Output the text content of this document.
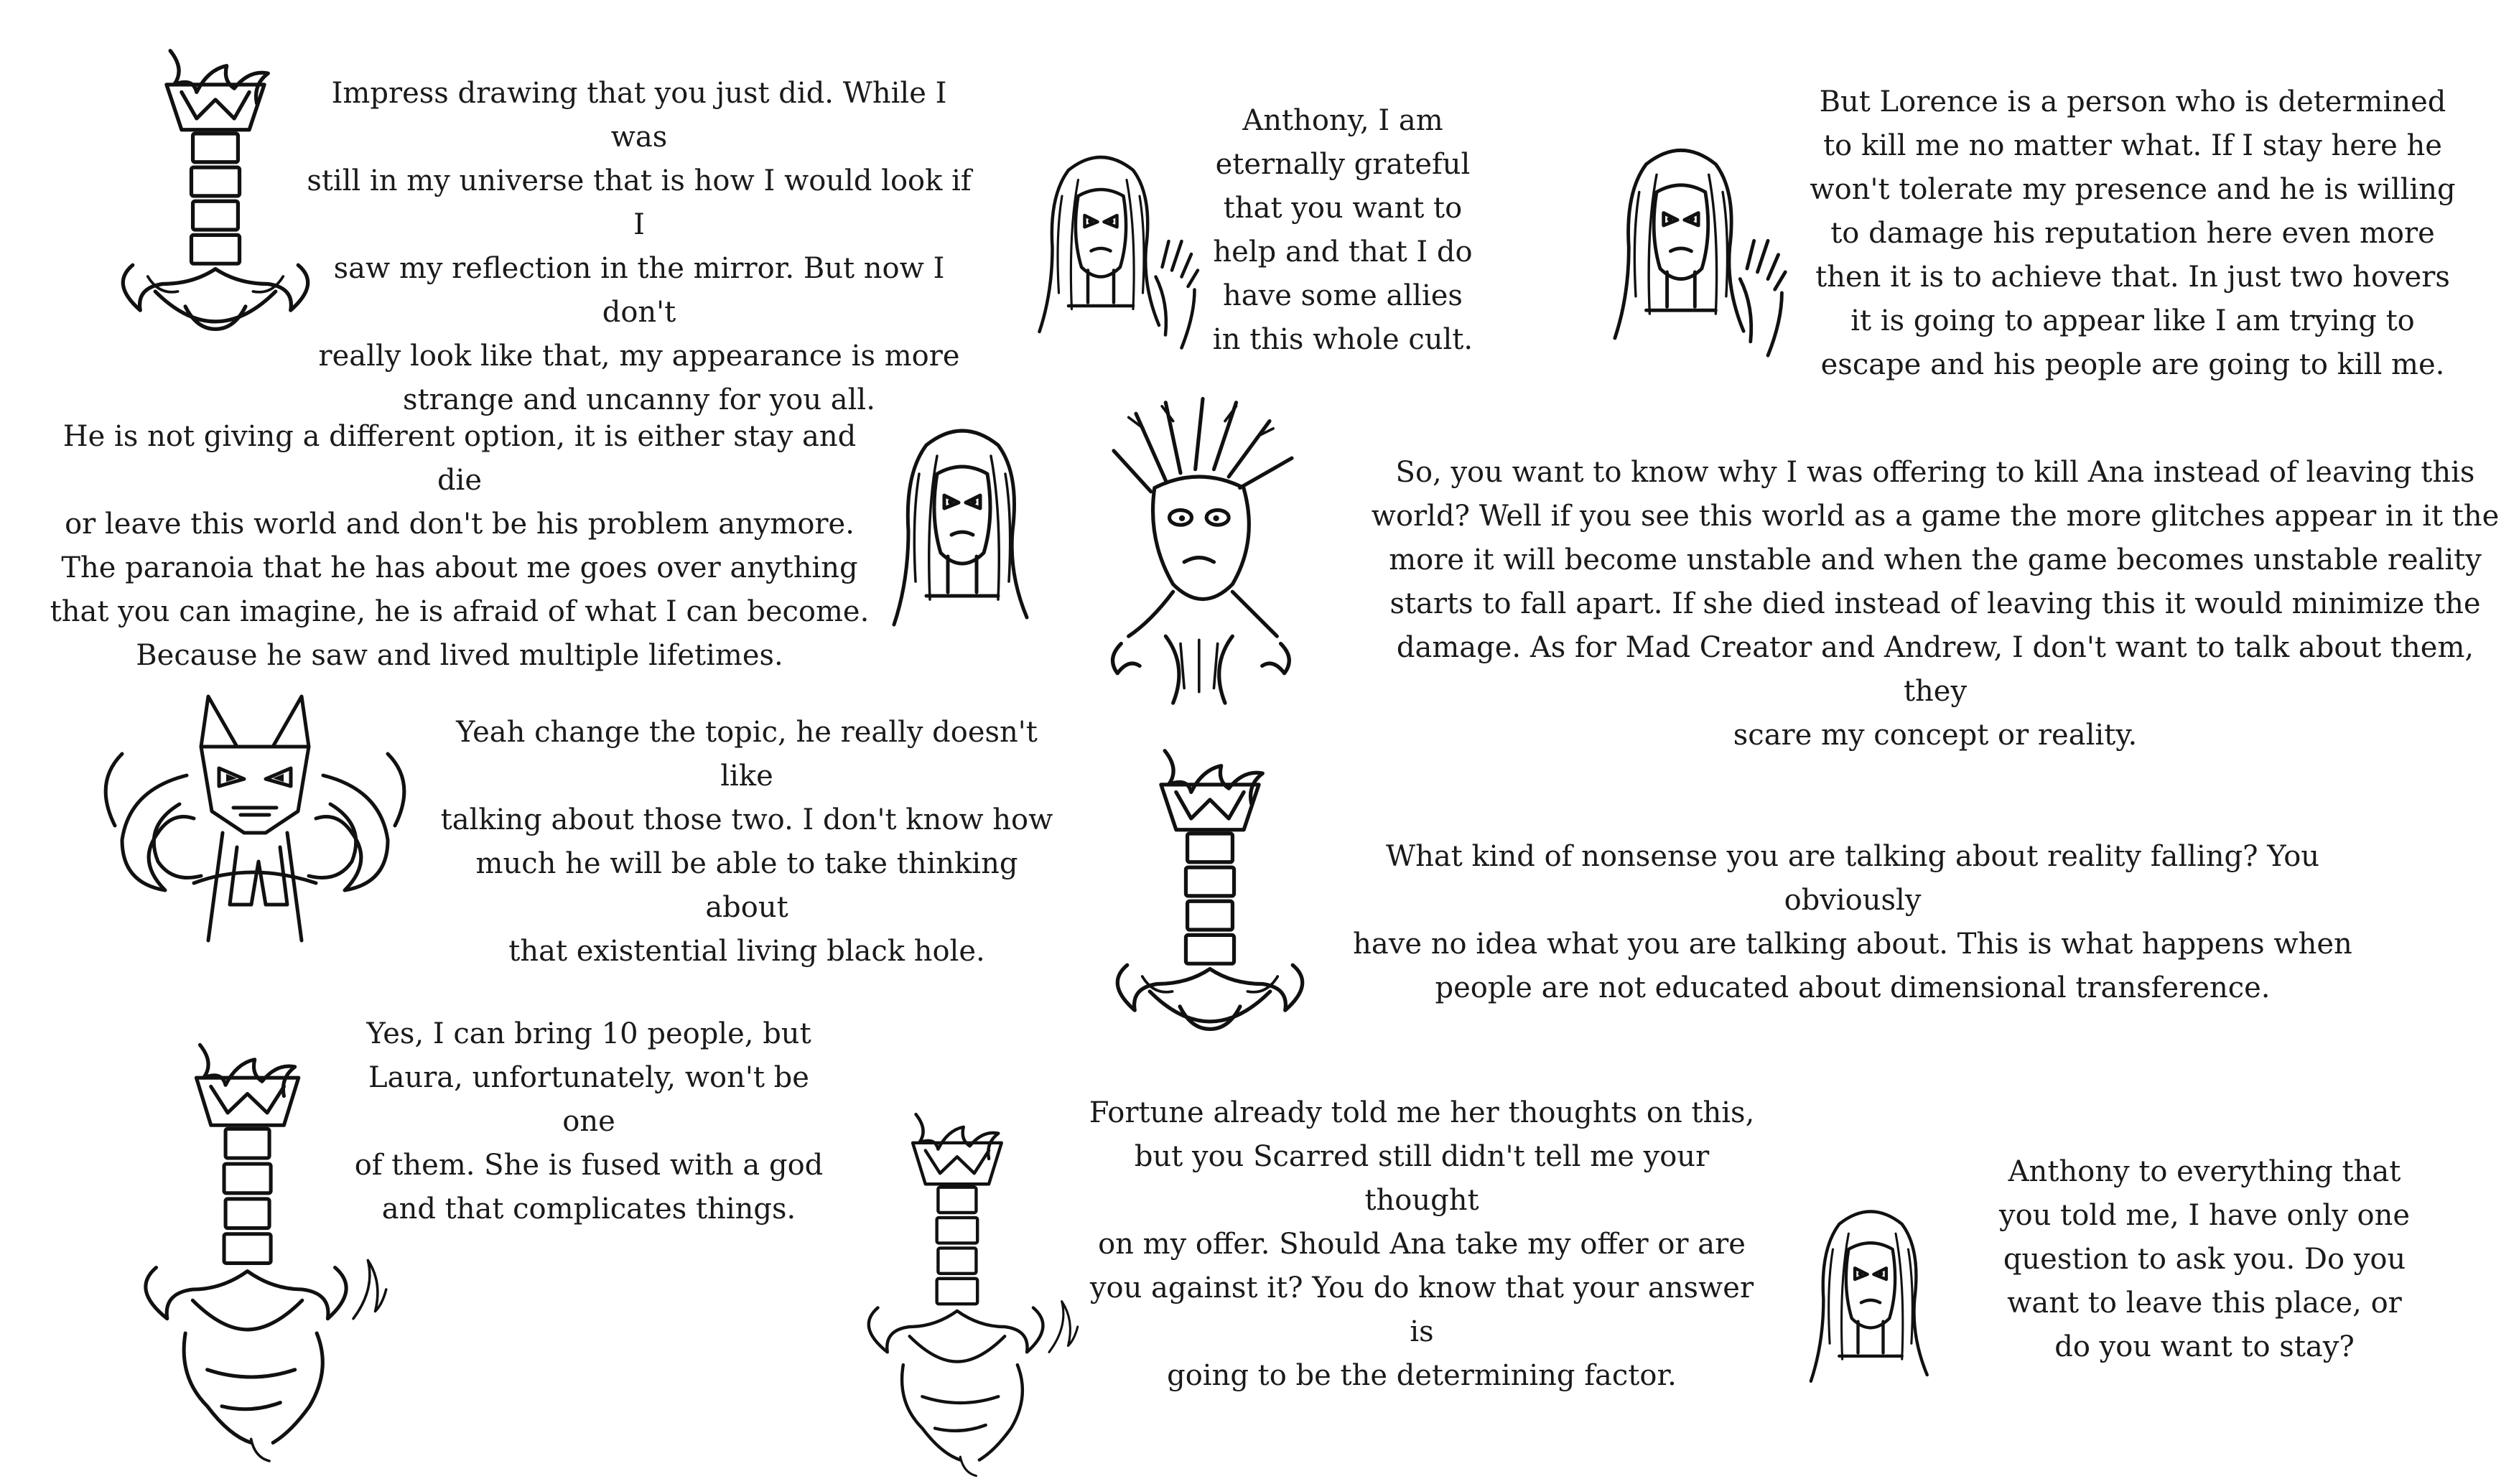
Impress drawing that you just did. While I was
still in my universe that is how I would look if I
saw my reflection in the mirror. But now I don't
really look like that, my appearance is more
strange and uncanny for you all.
Anthony, I am
eternally grateful
that you want to
help and that I do
have some allies
in this whole cult.
But Lorence is a person who is determined
to kill me no matter what. If I stay here he
won't tolerate my presence and he is willing
to damage his reputation here even more
then it is to achieve that. In just two hovers
it is going to appear like I am trying to
escape and his people are going to kill me.
He is not giving a different option, it is either stay and die
or leave this world and don't be his problem anymore.
The paranoia that he has about me goes over anything
that you can imagine, he is afraid of what I can become.
Because he saw and lived multiple lifetimes.
So, you want to know why I was offering to kill Ana instead of leaving this
world? Well if you see this world as a game the more glitches appear in it the
more it will become unstable and when the game becomes unstable reality
starts to fall apart. If she died instead of leaving this it would minimize the
damage. As for Mad Creator and Andrew, I don't want to talk about them, they
scare my concept or reality.
Yeah change the topic, he really doesn't like
talking about those two. I don't know how
much he will be able to take thinking about
that existential living black hole.
What kind of nonsense you are talking about reality falling? You obviously
have no idea what you are talking about. This is what happens when
people are not educated about dimensional transference.
Yes, I can bring 10 people, but
Laura, unfortunately, won't be one
of them. She is fused with a god
and that complicates things.
Fortune already told me her thoughts on this,
but you Scarred still didn't tell me your thought
on my offer. Should Ana take my offer or are
you against it? You do know that your answer is
going to be the determining factor.
Anthony to everything that
you told me, I have only one
question to ask you. Do you
want to leave this place, or
do you want to stay?
